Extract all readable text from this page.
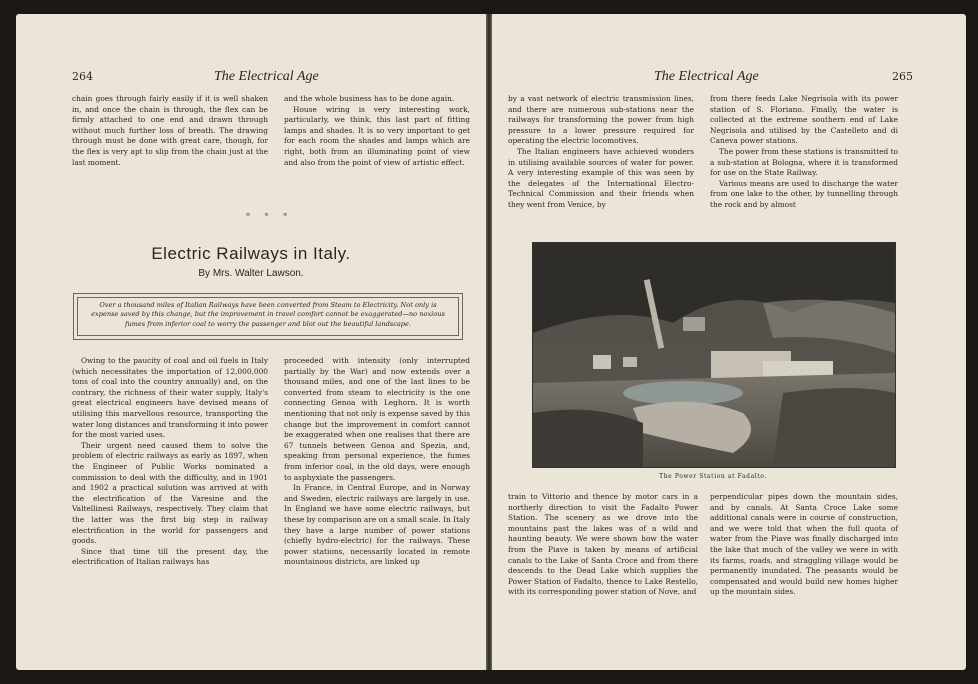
264	The Electrical Age

chain goes through fairly easily if it is well shaken in, and once the chain is through, the flex can be firmly attached to one end and drawn through without much further loss of breath. The drawing through must be done with great care, though, for the flex is very apt to slip from the chain just at the last moment.

and the whole business has to be done again.

House wiring is very interesting work, particularly, we think, this last part of fitting lamps and shades. It is so very important to get for each room the shades and lamps which are right, both from an illuminating point of view and also from the point of view of artistic effect.

* * *
Electric Railways in Italy.
By Mrs. Walter Lawson.
Over a thousand miles of Italian Railways have been converted from Steam to Electricity. Not only is expense saved by this change, but the improvement in travel comfort cannot be exaggerated—no noxious fumes from inferior coal to worry the passenger and blot out the beautiful landscape.

Owing to the paucity of coal and oil fuels in Italy (which necessitates the importation of 12,000,000 tons of coal into the country annually) and, on the contrary, the richness of their water supply, Italy's great electrical engineers have devised means of utilising this marvellous resource, transporting the water long distances and transforming it into power for the most varied uses.

Their urgent need caused them to solve the problem of electric railways as early as 1897, when the Engineer of Public Works nominated a commission to deal with the difficulty, and in 1901 and 1902 a practical solution was arrived at with the electrification of the Varesine and the Valtellinesi Railways, respectively. They claim that the latter was the first big step in railway electrification in the world for passengers and goods.

Since that time till the present day, the electrification of Italian railways has

proceeded with intensity (only interrupted partially by the War) and now extends over a thousand miles, and one of the last lines to be converted from steam to electricity is the one connecting Genoa with Leghorn. It is worth mentioning that not only is expense saved by this change but the improvement in comfort cannot be exaggerated when one realises that there are 67 tunnels between Genoa and Spezia, and, speaking from personal experience, the fumes from inferior coal, in the old days, were enough to asphyxiate the passengers.

In France, in Central Europe, and in Norway and Sweden, electric railways are largely in use. In England we have some electric railways, but these by comparison are on a small scale. In Italy they have a large number of power stations (chiefly hydro-electric) for the railways. These power stations, necessarily located in remote mountainous districts, are linked up

The Electrical Age	265

by a vast network of electric transmission lines, and there are numerous sub-stations near the railways for transforming the power from high pressure to a lower pressure required for operating the electric locomotives.

The Italian engineers have achieved wonders in utilising available sources of water for power. A very interesting example of this was seen by the delegates of the International Electro-Technical Commission and their friends when they went from Venice, by

from there feeds Lake Negrisola with its power station of S. Floriano. Finally, the water is collected at the extreme southern end of Lake Negrisola and utilised by the Castelleto and di Caneva power stations.

The power from these stations is transmitted to a sub-station at Bologna, where it is transformed for use on the State Railway.

Various means are used to discharge the water from one lake to the other, by tunnelling through the rock and by almost

The Power Station at Fadalto.

train to Vittorio and thence by motor cars in a northerly direction to visit the Fadalto Power Station. The scenery as we drove into the mountains past the lakes was of a wild and haunting beauty. We were shown how the water from the Piave is taken by means of artificial canals to the Lake of Santa Croce and from there descends to the Dead Lake which supplies the Power Station of Fadalto, thence to Lake Restello, with its corresponding power station of Nove, and

perpendicular pipes down the mountain sides, and by canals. At Santa Croce Lake some additional canals were in course of construction, and we were told that when the full quota of water from the Piave was finally discharged into the lake that much of the valley we were in with its farms, roads, and straggling village would be permanently inundated. The peasants would be compensated and would build new homes higher up the mountain sides.
